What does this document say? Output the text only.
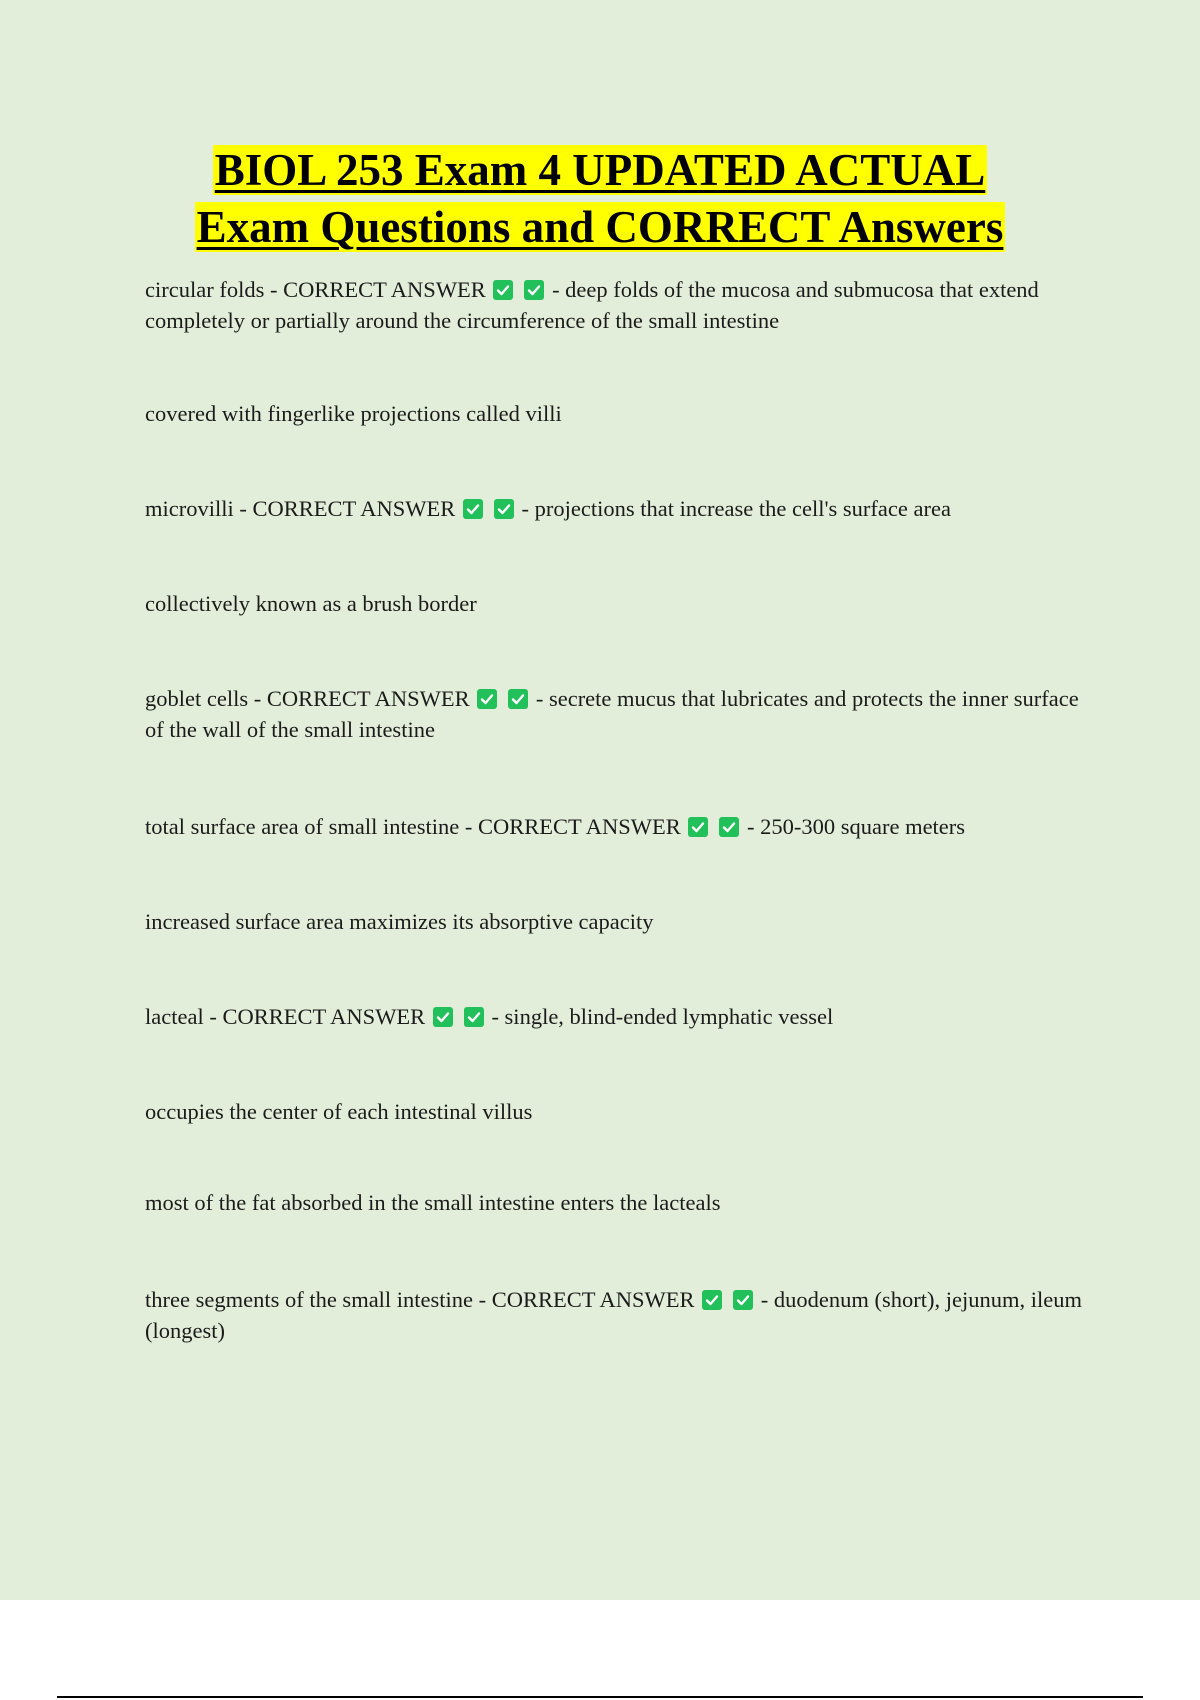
BIOL 253 Exam 4 UPDATED ACTUAL
Exam Questions and CORRECT Answers

circular folds - CORRECT ANSWER	- deep folds of the mucosa and submucosa that extend completely or partially around the circumference of the small intestine

covered with fingerlike projections called villi

microvilli - CORRECT ANSWER	- projections that increase the cell's surface area

collectively known as a brush border

goblet cells - CORRECT ANSWER	- secrete mucus that lubricates and protects the inner surface of the wall of the small intestine

total surface area of small intestine - CORRECT ANSWER	- 250-300 square meters

increased surface area maximizes its absorptive capacity

lacteal - CORRECT ANSWER	- single, blind-ended lymphatic vessel

occupies the center of each intestinal villus

most of the fat absorbed in the small intestine enters the lacteals

three segments of the small intestine - CORRECT ANSWER	- duodenum (short), jejunum, ileum (longest)
